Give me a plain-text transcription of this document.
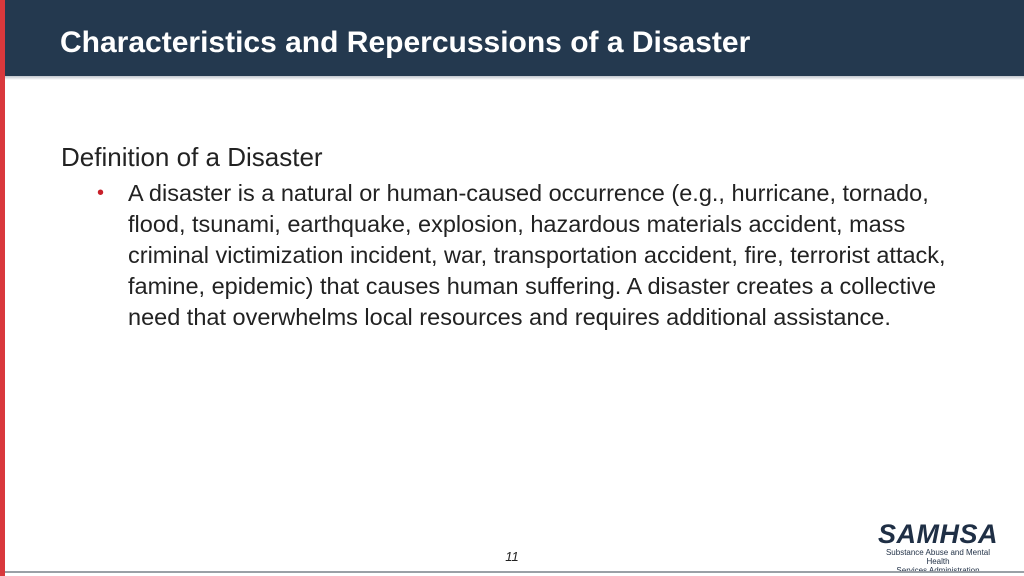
Characteristics and Repercussions of a Disaster
Definition of a Disaster
• A disaster is a natural or human-caused occurrence (e.g., hurricane, tornado, flood, tsunami, earthquake, explosion, hazardous materials accident, mass criminal victimization incident, war, transportation accident, fire, terrorist attack, famine, epidemic) that causes human suffering. A disaster creates a collective need that overwhelms local resources and requires additional assistance.
11
SAMHSA
Substance Abuse and Mental Health
